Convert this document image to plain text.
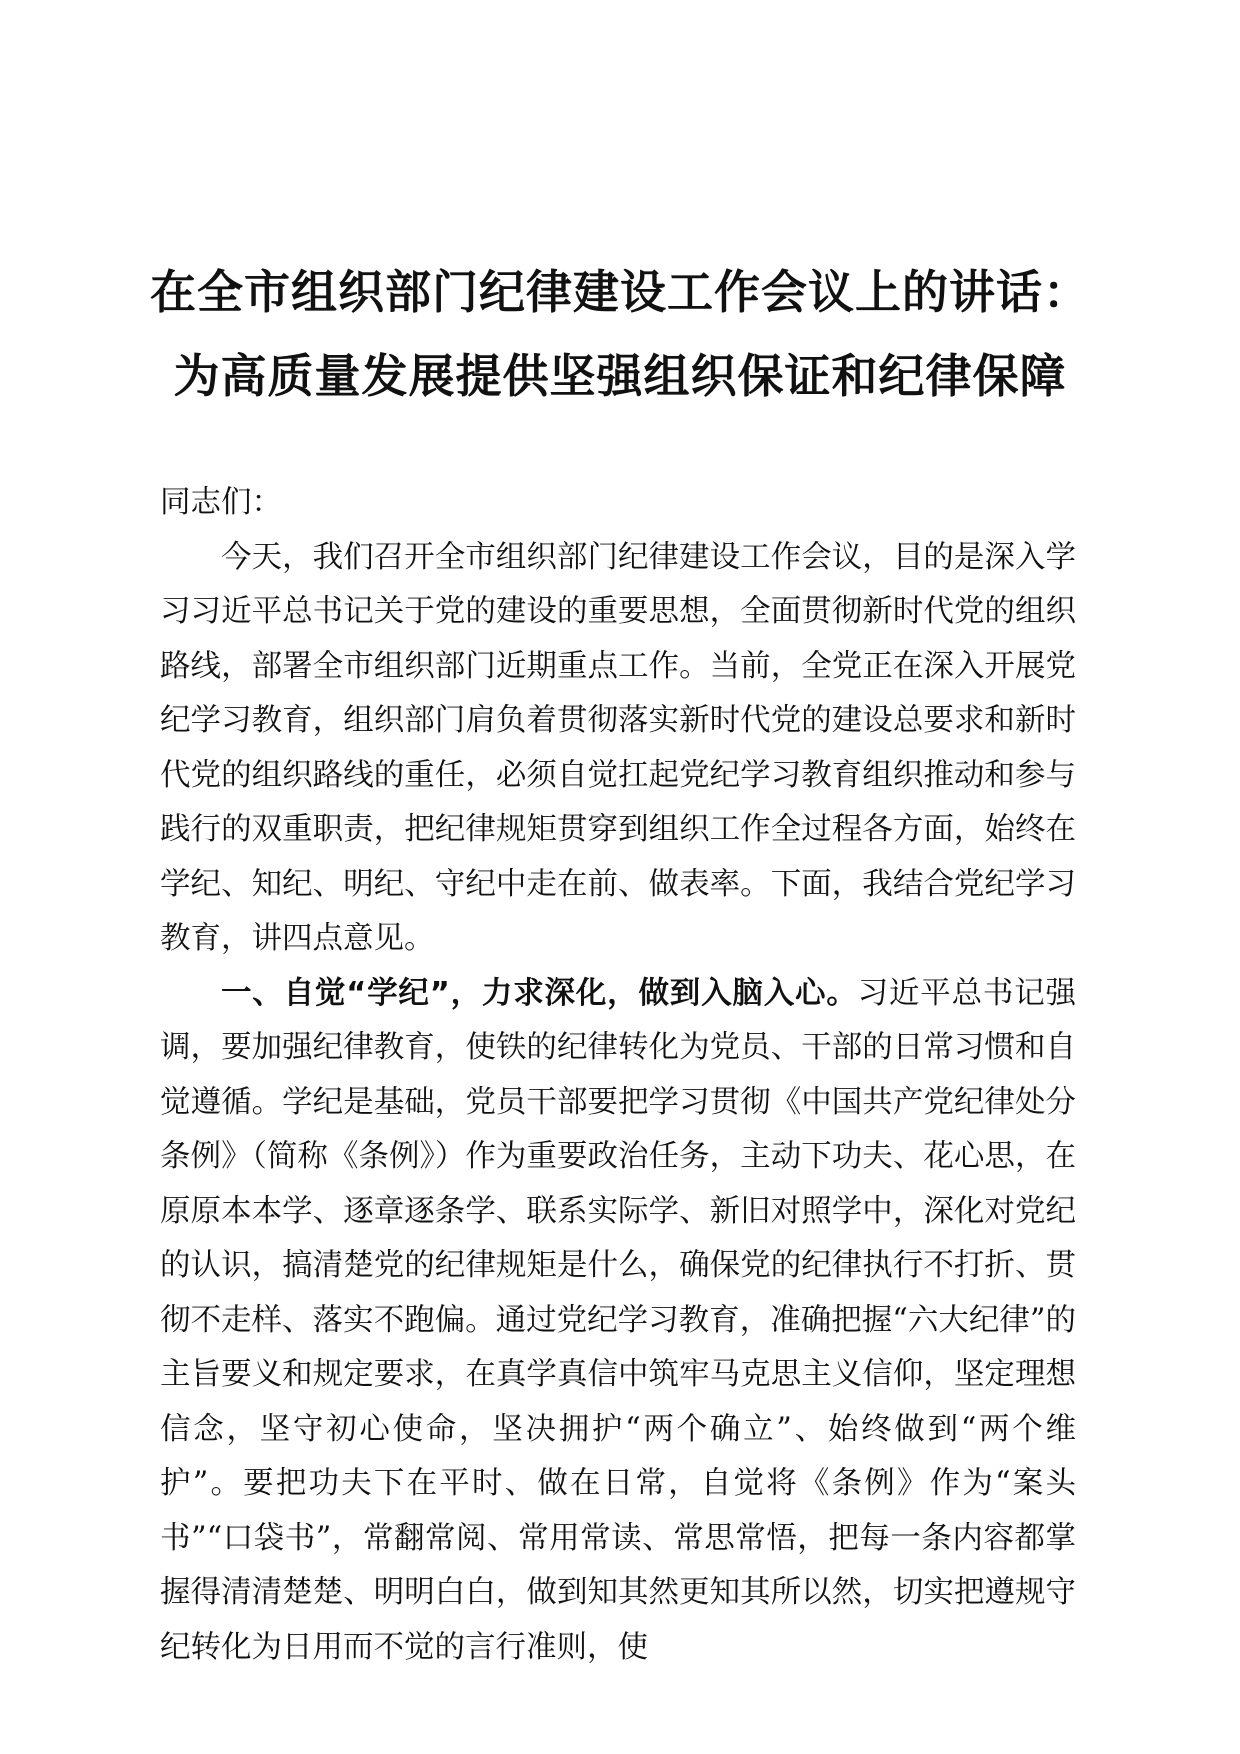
在全市组织部门纪律建设工作会议上的讲话：
为高质量发展提供坚强组织保证和纪律保障

同志们：

今天，我们召开全市组织部门纪律建设工作会议，目的是深入学习习近平总书记关于党的建设的重要思想，全面贯彻新时代党的组织路线，部署全市组织部门近期重点工作。当前，全党正在深入开展党纪学习教育，组织部门肩负着贯彻落实新时代党的建设总要求和新时代党的组织路线的重任，必须自觉扛起党纪学习教育组织推动和参与践行的双重职责，把纪律规矩贯穿到组织工作全过程各方面，始终在学纪、知纪、明纪、守纪中走在前、做表率。下面，我结合党纪学习教育，讲四点意见。

一、自觉“学纪”，力求深化，做到入脑入心。习近平总书记强调，要加强纪律教育，使铁的纪律转化为党员、干部的日常习惯和自觉遵循。学纪是基础，党员干部要把学习贯彻《中国共产党纪律处分条例》（简称《条例》）作为重要政治任务，主动下功夫、花心思，在原原本本学、逐章逐条学、联系实际学、新旧对照学中，深化对党纪的认识，搞清楚党的纪律规矩是什么，确保党的纪律执行不打折、贯彻不走样、落实不跑偏。通过党纪学习教育，准确把握“六大纪律”的主旨要义和规定要求，在真学真信中筑牢马克思主义信仰，坚定理想信念，坚守初心使命，坚决拥护“两个确立”、始终做到“两个维护”。要把功夫下在平时、做在日常，自觉将《条例》作为“案头书”“口袋书”，常翻常阅、常用常读、常思常悟，把每一条内容都掌握得清清楚楚、明明白白，做到知其然更知其所以然，切实把遵规守纪转化为日用而不觉的言行准则，使
